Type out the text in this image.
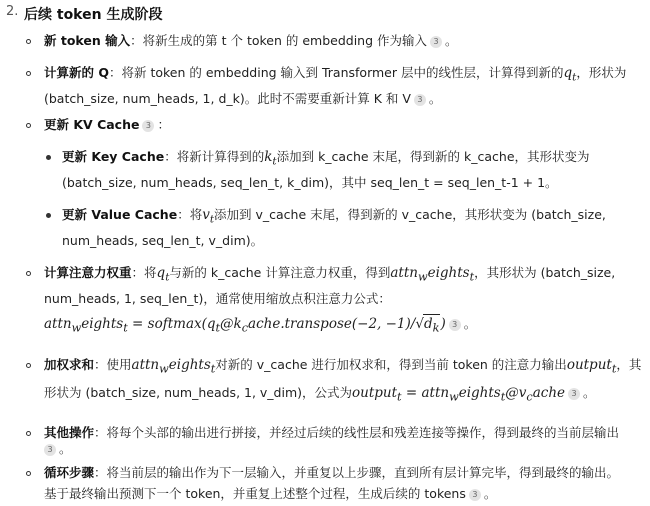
2. 后续 token 生成阶段
新 token 输入：将新生成的第 t 个 token 的 embedding 作为输入 3 。
计算新的 Q：将新 token 的 embedding 输入到 Transformer 层中的线性层，计算得到新的$q_t$，形状为
(batch_size, num_heads, 1, d_k)。此时不需要重新计算 K 和 V 3 。
更新 KV Cache 3 ：
更新 Key Cache：将新计算得到的$k_t$添加到 k_cache 末尾，得到新的 k_cache，其形状变为
(batch_size, num_heads, seq_len_t, k_dim)，其中 seq_len_t = seq_len_t-1 + 1。
更新 Value Cache：将$v_t$添加到 v_cache 末尾，得到新的 v_cache，其形状变为 (batch_size,
num_heads, seq_len_t, v_dim)。
计算注意力权重：将$q_t$与新的 k_cache 计算注意力权重，得到attn$_w$eights$_t$，其形状为 (batch_size,
num_heads, 1, seq_len_t)，通常使用缩放点积注意力公式：
attn$_w$eights$_t$ = $softmax(q_t@k_cache.transpose(-2$, $-1)/√d_k$) 3 。
加权求和：使用attn$_w$eights$_t$对新的 v_cache 进行加权求和，得到当前 token 的注意力输出output$_t$，其
形状为 (batch_size, num_heads, 1, v_dim)，公式为output$_t$ = $attn_weights_t@v_cache$ 3 。
其他操作：将每个头部的输出进行拼接，并经过后续的线性层和残差连接等操作，得到最终的当前层输出
3 。
循环步骤：将当前层的输出作为下一层输入，并重复以上步骤，直到所有层计算完毕，得到最终的输出。
基于最终输出预测下一个 token，并重复上述整个过程，生成后续的 tokens 3 。
